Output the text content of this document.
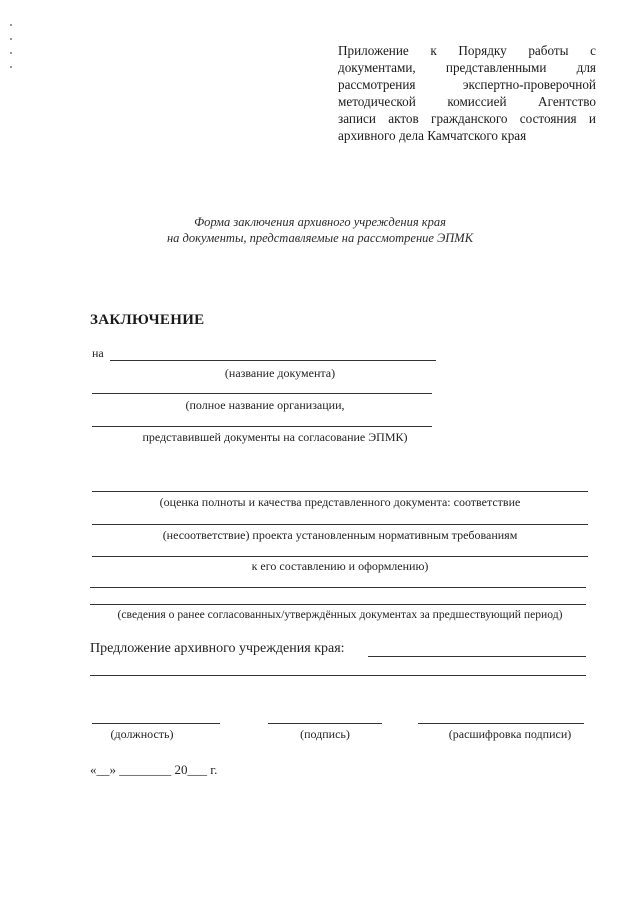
Приложение к Порядку работы с
документами, представленными для
рассмотрения экспертно-проверочной
методической комиссией Агентство
записи актов гражданского состояния и
архивного дела Камчатского края
Форма заключения архивного учреждения края
на документы, представляемые на рассмотрение ЭПМК
ЗАКЛЮЧЕНИЕ
на
(название документа)
(полное название организации,
представившей документы на согласование ЭПМК)
(оценка полноты и качества представленного документа: соответствие
(несоответствие) проекта установленным нормативным требованиям
к его составлению и оформлению)
(сведения о ранее согласованных/утверждённых документах за предшествующий период)
Предложение архивного учреждения края:
(должность)	(подпись)	(расшифровка подписи)
«__» ________ 20___ г.
